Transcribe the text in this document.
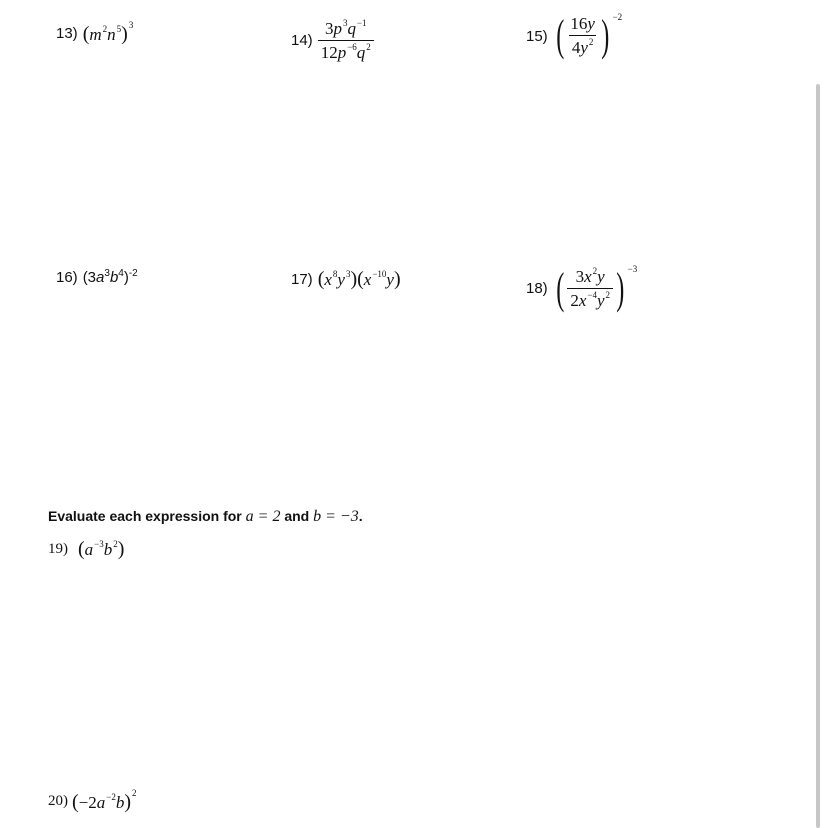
13) $(m^2n^5)^3$
$14) \frac{3p^3q^{-1}}{12p^{-6}q^2}$	15) ( $\frac{16y}{4y^2}$ ) −2
16) $(3a^3b^4)^{-2}$	17) $(x^8y^3)(x^{-10}y)$	18) ( $\frac{3x^2y}{2x^{-4}y^2}$ ) −3
Evaluate each expression for a = 2 and b = −3.
19) $(a^{-3}b^2)$
20) $(-2a^{-2}b)^2$
